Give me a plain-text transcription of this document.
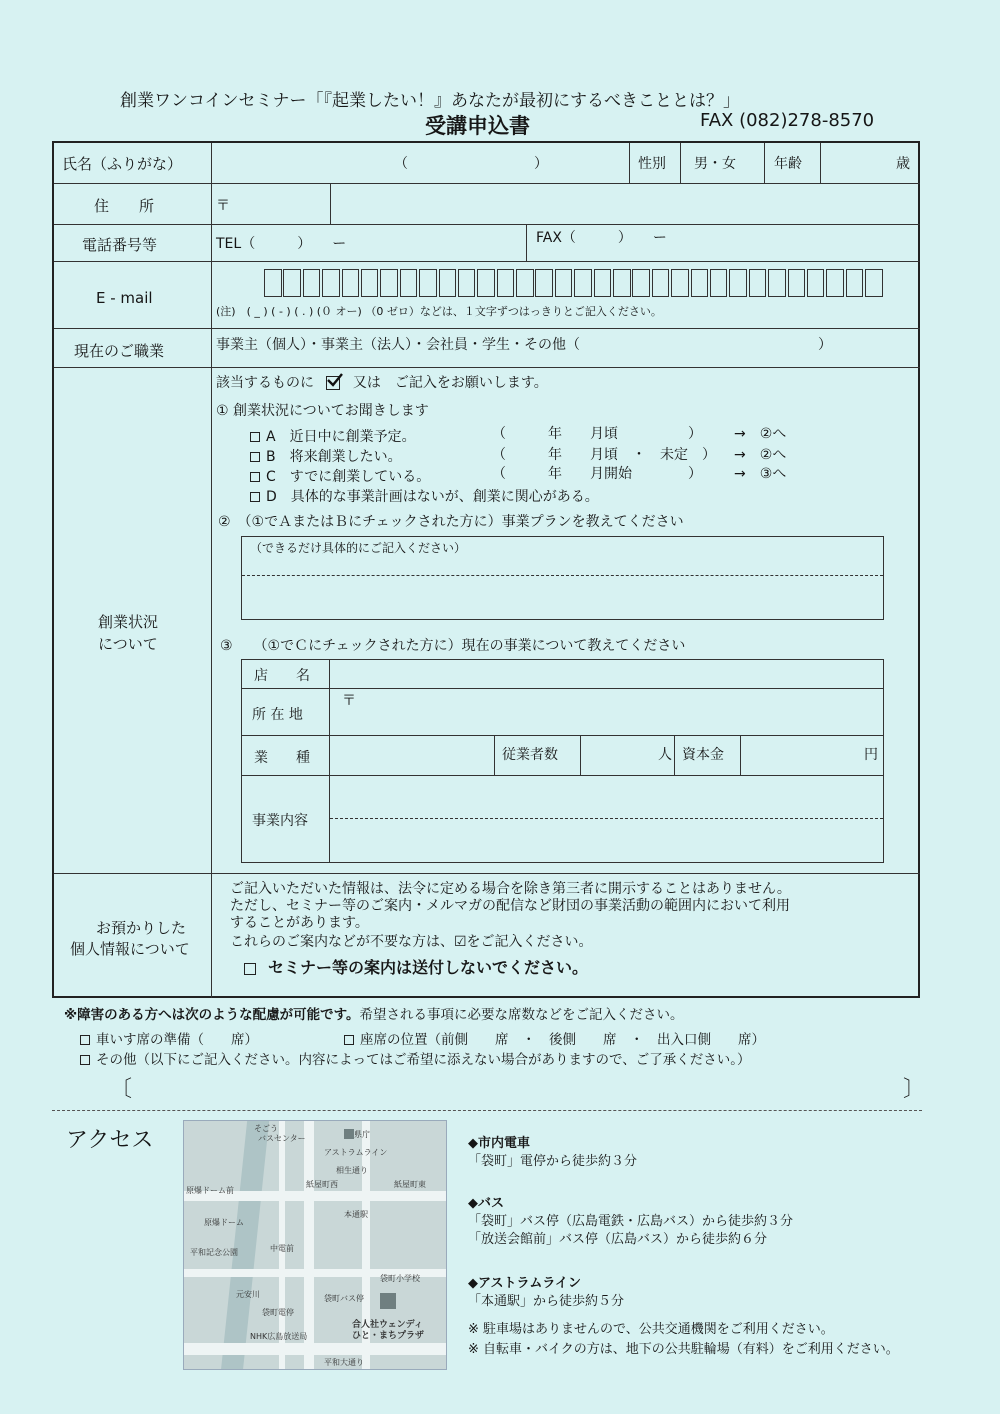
創業ワンコインセミナー「『起業したい！』あなたが最初にするべきこととは？」
受講申込書	FAX (082)278-8570
氏名（ふりがな）	（　　　　　　　　　）	性別 男・女	年齢	歳
住　　所	〒
電話番号等	TEL（　　　）　　ー	FAX（　　　）　　ー
E - mail
(注)　( _ ) ( - ) ( . ) (０ オー) （0 ゼロ）などは、１文字ずつはっきりとご記入ください。
現在のご職業	事業主（個人）・事業主（法人）・会社員・学生・その他（　　　　　　　　　　　　　　　　　）
創業状況
について
該当するものに	又は　ご記入をお願いします。
① 創業状況についてお聞きします
A　近日中に創業予定。	（　　　年　　月頃　　　　　） →　②へ
B　将来創業したい。	（　　　年　　月頃　・　未定　） →　②へ
C　すでに創業している。	（　　　年　　月開始　　　　） →　③へ
D　具体的な事業計画はないが、創業に関心がある。
②　（①でＡまたはＢにチェックされた方に）事業プランを教えてください
（できるだけ具体的にご記入ください）
③　　（①でＣにチェックされた方に）現在の事業について教えてください
店　　名
所 在 地
〒
業　　種	従業者数	人 資本金	円
事業内容
お預かりした
個人情報について
ご記入いただいた情報は、法令に定める場合を除き第三者に開示することはありません。
ただし、セミナー等のご案内・メルマガの配信など財団の事業活動の範囲内において利用
することがあります。
これらのご案内などが不要な方は、☑をご記入ください。
セミナー等の案内は送付しないでください。
※障害のある方へは次のような配慮が可能です。希望される事項に必要な席数などをご記入ください。
車いす席の準備（　　席）	座席の位置（前側　　席　・　後側　　席　・　出入口側　　席）
その他（以下にご記入ください。内容によってはご希望に添えない場合がありますので、ご了承ください。）
〔	〕
アクセス	そごう
バスセンター	県庁
アストラムライン
相生通り
紙屋町西	紙屋町東
原爆ドーム前
原爆ドーム
本通駅
平和記念公園	中電前
袋町小学校
袋町電停
袋町バス停
合人社ウェンディ
ひと・まちプラザ
NHK広島放送局
平和大通り
元安川
◆市内電車
「袋町」電停から徒歩約３分
◆バス
「袋町」バス停（広島電鉄・広島バス）から徒歩約３分
「放送会館前」バス停（広島バス）から徒歩約６分
◆アストラムライン
「本通駅」から徒歩約５分
※ 駐車場はありませんので、公共交通機関をご利用ください。
※ 自転車・バイクの方は、地下の公共駐輪場（有料）をご利用ください。
